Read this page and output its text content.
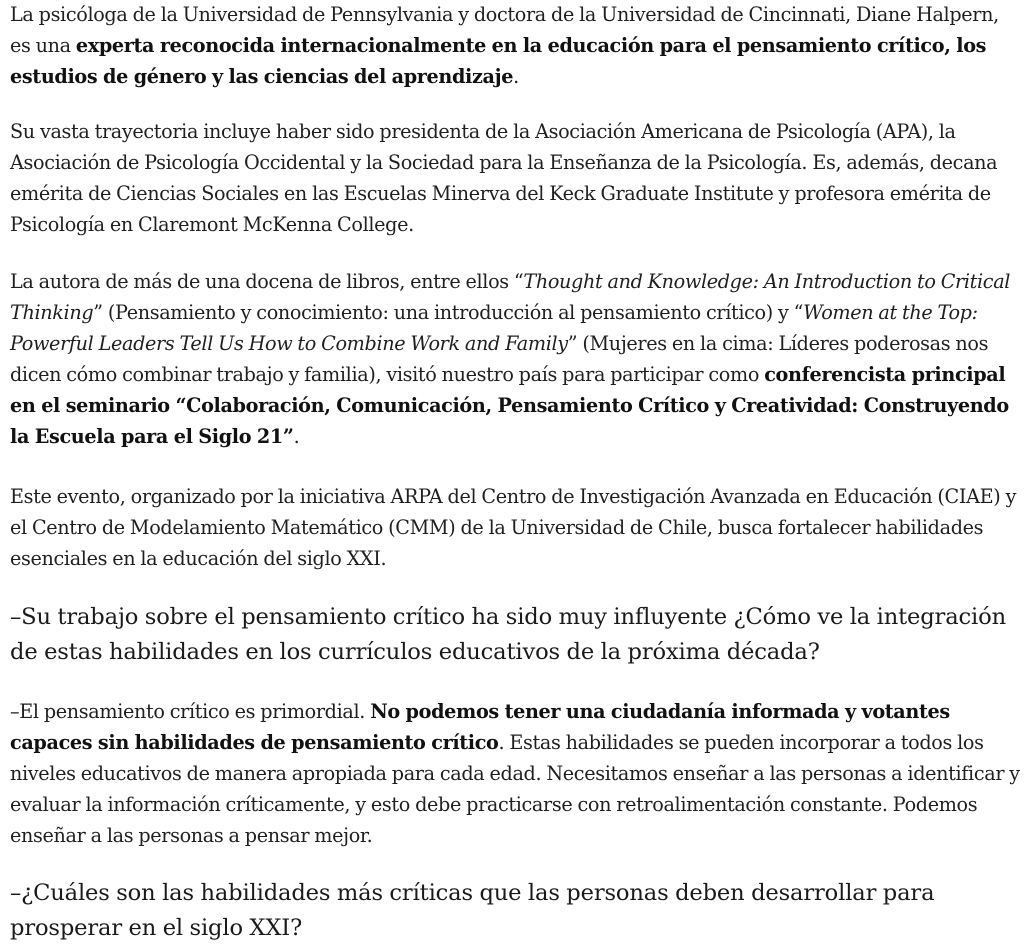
La psicóloga de la Universidad de Pennsylvania y doctora de la Universidad de Cincinnati, Diane Halpern, es una experta reconocida internacionalmente en la educación para el pensamiento crítico, los estudios de género y las ciencias del aprendizaje.

Su vasta trayectoria incluye haber sido presidenta de la Asociación Americana de Psicología (APA), la Asociación de Psicología Occidental y la Sociedad para la Enseñanza de la Psicología. Es, además, decana emérita de Ciencias Sociales en las Escuelas Minerva del Keck Graduate Institute y profesora emérita de Psicología en Claremont McKenna College.

La autora de más de una docena de libros, entre ellos “Thought and Knowledge: An Introduction to Critical Thinking” (Pensamiento y conocimiento: una introducción al pensamiento crítico) y “Women at the Top: Powerful Leaders Tell Us How to Combine Work and Family” (Mujeres en la cima: Líderes poderosas nos dicen cómo combinar trabajo y familia), visitó nuestro país para participar como conferencista principal en el seminario “Colaboración, Comunicación, Pensamiento Crítico y Creatividad: Construyendo la Escuela para el Siglo 21”.

Este evento, organizado por la iniciativa ARPA del Centro de Investigación Avanzada en Educación (CIAE) y el Centro de Modelamiento Matemático (CMM) de la Universidad de Chile, busca fortalecer habilidades esenciales en la educación del siglo XXI.

–Su trabajo sobre el pensamiento crítico ha sido muy influyente ¿Cómo ve la integración de estas habilidades en los currículos educativos de la próxima década?

–El pensamiento crítico es primordial. No podemos tener una ciudadanía informada y votantes capaces sin habilidades de pensamiento crítico. Estas habilidades se pueden incorporar a todos los niveles educativos de manera apropiada para cada edad. Necesitamos enseñar a las personas a identificar y evaluar la información críticamente, y esto debe practicarse con retroalimentación constante. Podemos enseñar a las personas a pensar mejor.

–¿Cuáles son las habilidades más críticas que las personas deben desarrollar para prosperar en el siglo XXI?
